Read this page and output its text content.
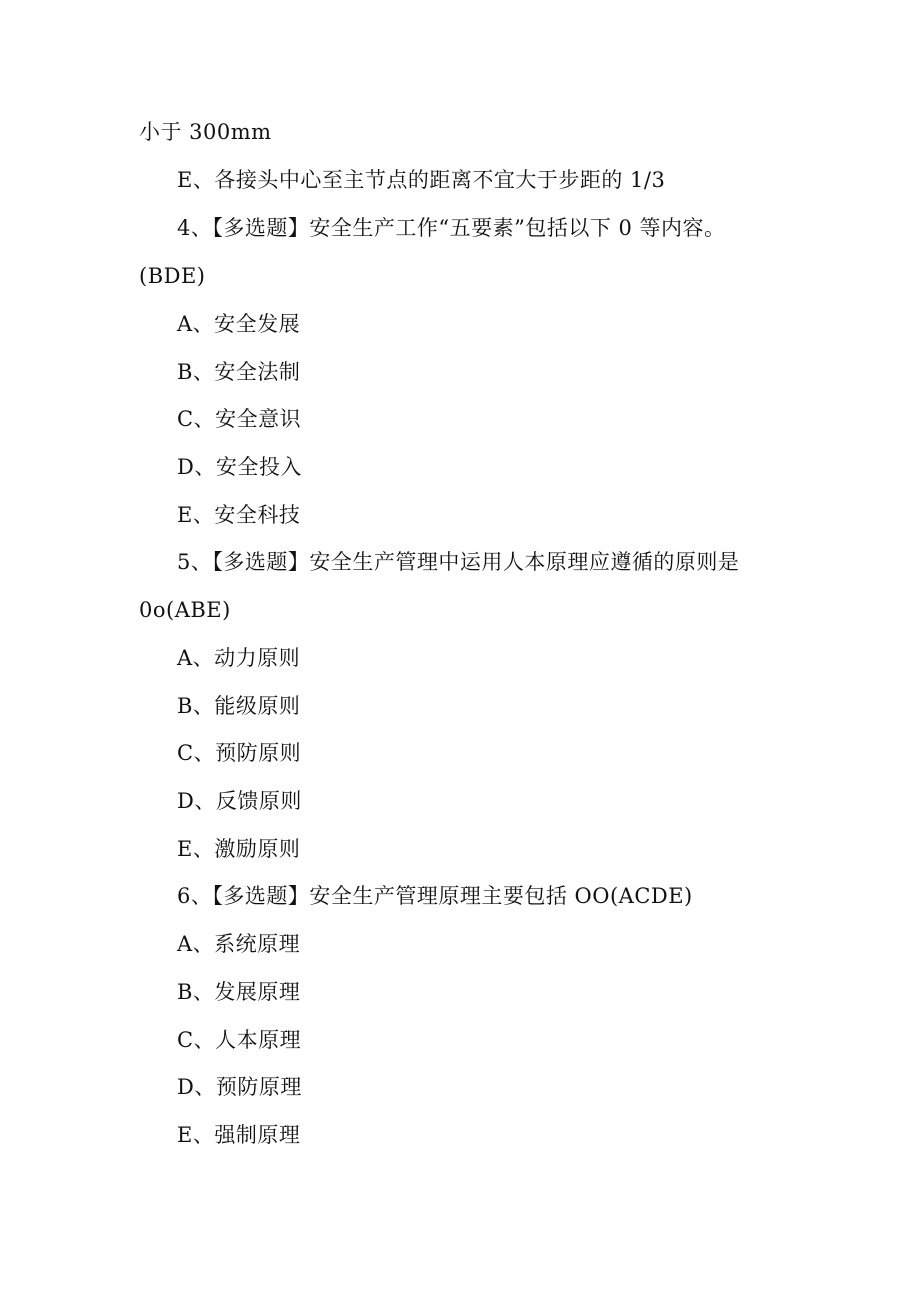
小于 300mm
E、各接头中心至主节点的距离不宜大于步距的 1/3
4、【多选题】安全生产工作“五要素”包括以下 0 等内容。
(BDE)
A、安全发展
B、安全法制
C、安全意识
D、安全投入
E、安全科技
5、【多选题】安全生产管理中运用人本原理应遵循的原则是
0o(ABE)
A、动力原则
B、能级原则
C、预防原则
D、反馈原则
E、激励原则
6、【多选题】安全生产管理原理主要包括 OO(ACDE)
A、系统原理
B、发展原理
C、人本原理
D、预防原理
E、强制原理
